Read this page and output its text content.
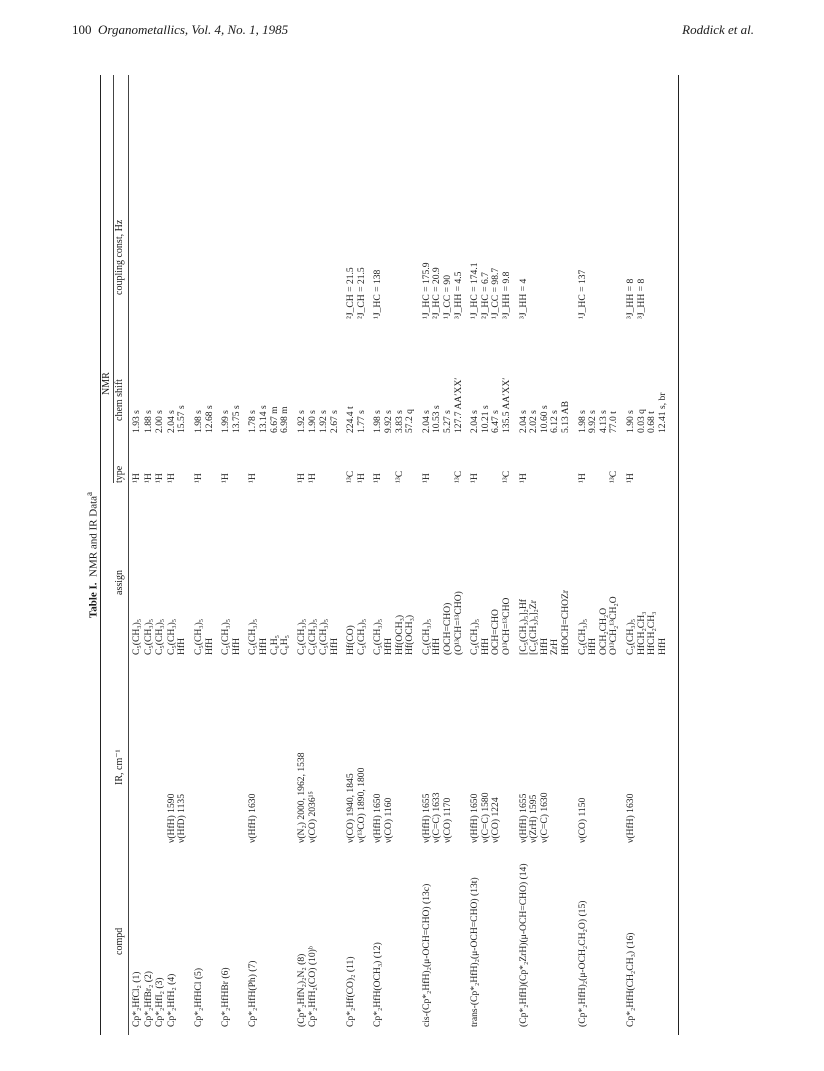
100 Organometallics, Vol. 4, No. 1, 1985	Roddick et al.
Table I.  NMR and IR Data$^a$
NMR
compd
IR, cm⁻¹
assign
type
chem shift
coupling const, Hz
Cp*₂HfCl₂ (1)
C₅(CH₃)₅
¹H
1.93 s
Cp*₂HfBr₂ (2)
C₅(CH₃)₅
¹H
1.88 s
Cp*₂HfI₂ (3)
C₅(CH₃)₅
¹H
2.00 s
Cp*₂HfH₂ (4)
ν(HfH) 1590 ν(HfD) 1135
C₅(CH₃)₅ HfH
¹H
2.04 s 15.57 s
Cp*₂HfHCl (5)
C₅(CH₃)₅ HfH
¹H
1.98 s 12.68 s
Cp*₂HfHBr (6)
C₅(CH₃)₅ HfH
¹H
1.99 s 13.75 s
Cp*₂HfH(Ph) (7)
ν(HfH) 1630
C₅(CH₃)₅ HfH C₆H₅ C₆H₅
¹H
1.78 s 13.14 s 6.67 m 6.98 m
(Cp*₂HfN₂)₂N₂ (8)
ν(N₂) 2000, 1962, 1538
C₅(CH₃)₅
¹H
1.92 s
Cp*₂HfH₂(CO) (10)ᵇ
ν(CO) 2036¹⁵
C₅(CH₃)₅ C₅(CH₃)₅ HfH
¹H
1.90 s 1.92 s 2.67 s
Cp*₂Hf(CO)₂ (11)
ν(CO) 1940, 1845 ν(¹³CO) 1890, 1800
Hf(CO) C₅(CH₃)₅
¹³C ¹H
224.4 t 1.77 s
²J_CH = 21.5 ²J_CH = 21.5
Cp*₂HfH(OCH₃) (12)
ν(HfH) 1650 ν(CO) 1160
C₅(CH₃)₅ HfH Hf(OCH₃) Hf(OCH₃)
¹H ¹³C
1.98 s 9.92 s 3.83 s 57.2 q
¹J_HC = 138
cis-(Cp*₂HfH)₂(μ-OCH=CHO) (13c)
ν(HfH) 1655 ν(C=C) 1633 ν(CO) 1170
C₅(CH₃)₅ HfH (OCH=CHO) (O¹³CH=¹³CHO)
¹H ¹³C
2.04 s 10.53 s 5.27 s 127.7 AA′XX′
¹J_HC = 175.9 ²J_HC = 20.9 ¹J_CC = 90 ³J_HH = 4.5
trans-(Cp*₂HfH)₂(μ-OCH=CHO) (13t)
ν(HfH) 1650 ν(C=C) 1580 ν(CO) 1224
C₅(CH₃)₅ HfH OCH=CHO O¹³CH=¹³CHO
¹H ¹³C
2.04 s 10.21 s 6.47 s 135.5 AA′XX′
¹J_HC = 174.1 ²J_HC = 6.7 ¹J_CC = 98.7 ³J_HH = 9.8
(Cp*₂HfH)(Cp*₂ZrH)(μ-OCH=CHO) (14)
ν(HfH) 1655 ν(ZrH) 1595 ν(C=C) 1630
[C₅(CH₃)₅]₂Hf [C₅(CH₃)₅]₂Zr HfH ZrH HfOCH=CHOZr
¹H
2.04 s 2.02 s 10.60 s 6.12 s 5.13 AB
³J_HH = 4
(Cp*₂HfH)₂(μ-OCH₂CH₂O) (15)
ν(CO) 1150
C₅(CH₃)₅ HfH OCH₂CH₂O O¹³CH₂¹³CH₂O
¹H ¹³C
1.98 s 9.92 s 4.13 s 77.0 t
¹J_HC = 137
Cp*₂HfH(CH₂CH₃) (16)
ν(HfH) 1630
C₅(CH₃)₅ HfCH₂CH₃ HfCH₂CH₃ HfH
¹H
1.90 s 0.03 q 0.68 t 12.41 s, br
³J_HH = 8 ³J_HH = 8
